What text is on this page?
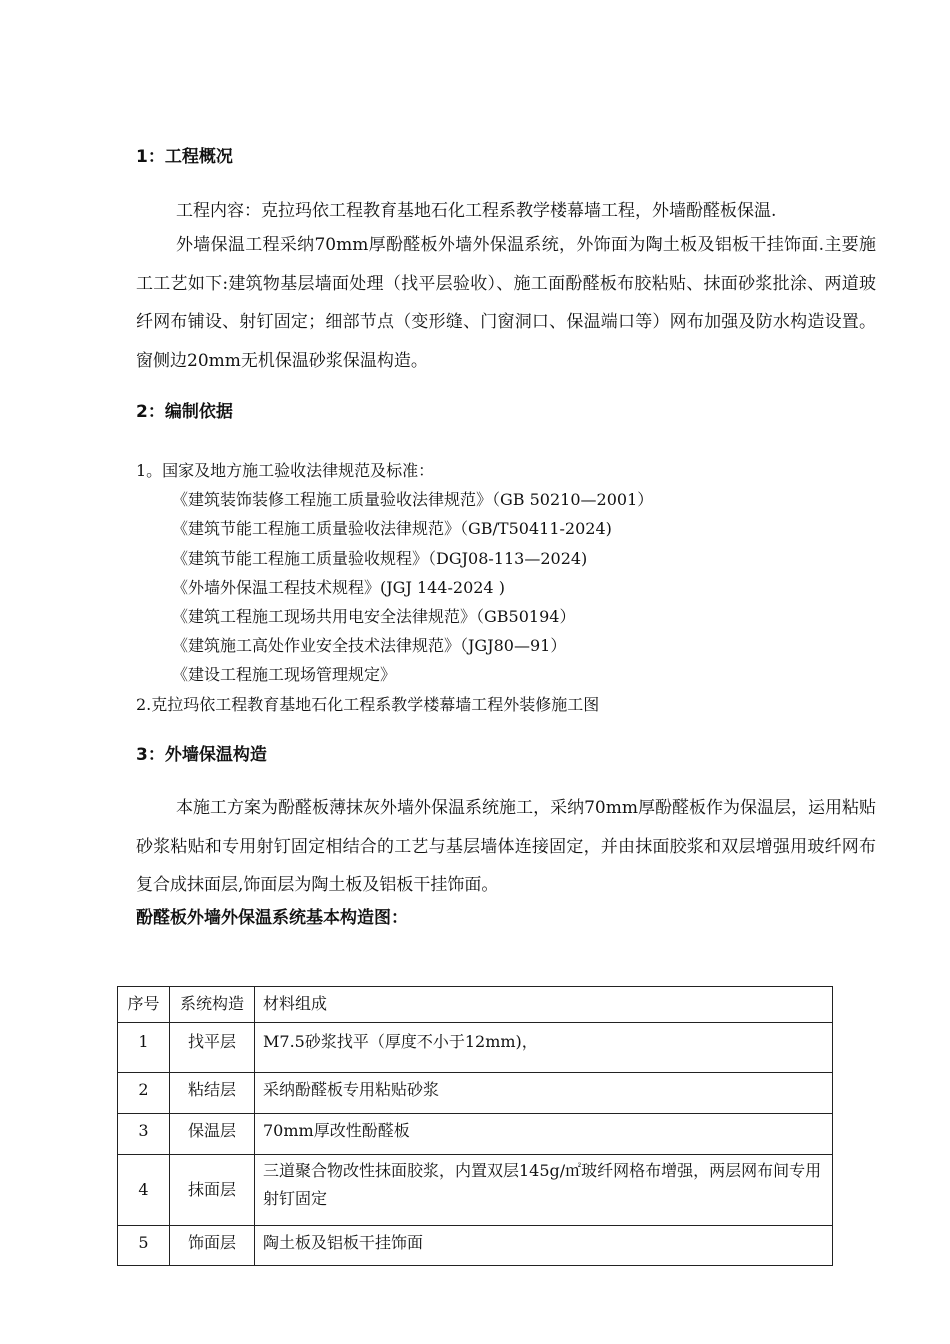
1：工程概况
工程内容：克拉玛依工程教育基地石化工程系教学楼幕墙工程，外墙酚醛板保温.
外墙保温工程采纳70mm厚酚醛板外墙外保温系统，外饰面为陶土板及铝板干挂饰面.主要施工工艺如下:建筑物基层墙面处理（找平层验收）、施工面酚醛板布胶粘贴、抹面砂浆批涂、两道玻纤网布铺设、射钉固定；细部节点（变形缝、门窗洞口、保温端口等）网布加强及防水构造设置。窗侧边20mm无机保温砂浆保温构造。
2：编制依据
1。国家及地方施工验收法律规范及标准：
《建筑装饰装修工程施工质量验收法律规范》（GB 50210—2001）
《建筑节能工程施工质量验收法律规范》（GB/T50411-2024)
《建筑节能工程施工质量验收规程》（DGJ08-113—2024)
《外墙外保温工程技术规程》(JGJ 144-2024 )
《建筑工程施工现场共用电安全法律规范》（GB50194）
《建筑施工高处作业安全技术法律规范》（JGJ80—91）
《建设工程施工现场管理规定》
2.克拉玛依工程教育基地石化工程系教学楼幕墙工程外装修施工图
3：外墙保温构造
本施工方案为酚醛板薄抹灰外墙外保温系统施工，采纳70mm厚酚醛板作为保温层，运用粘贴砂浆粘贴和专用射钉固定相结合的工艺与基层墙体连接固定，并由抹面胶浆和双层增强用玻纤网布复合成抹面层,饰面层为陶土板及铝板干挂饰面。
酚醛板外墙外保温系统基本构造图：
序号	系统构造	材料组成

1	找平层	M7.5砂浆找平（厚度不小于12mm)，
2	粘结层	采纳酚醛板专用粘贴砂浆
3	保温层	70mm厚改性酚醛板
4	抹面层	三道聚合物改性抹面胶浆，内置双层145g/㎡玻纤网格布增强，两层网布间专用射钉固定
5	饰面层	陶土板及铝板干挂饰面
